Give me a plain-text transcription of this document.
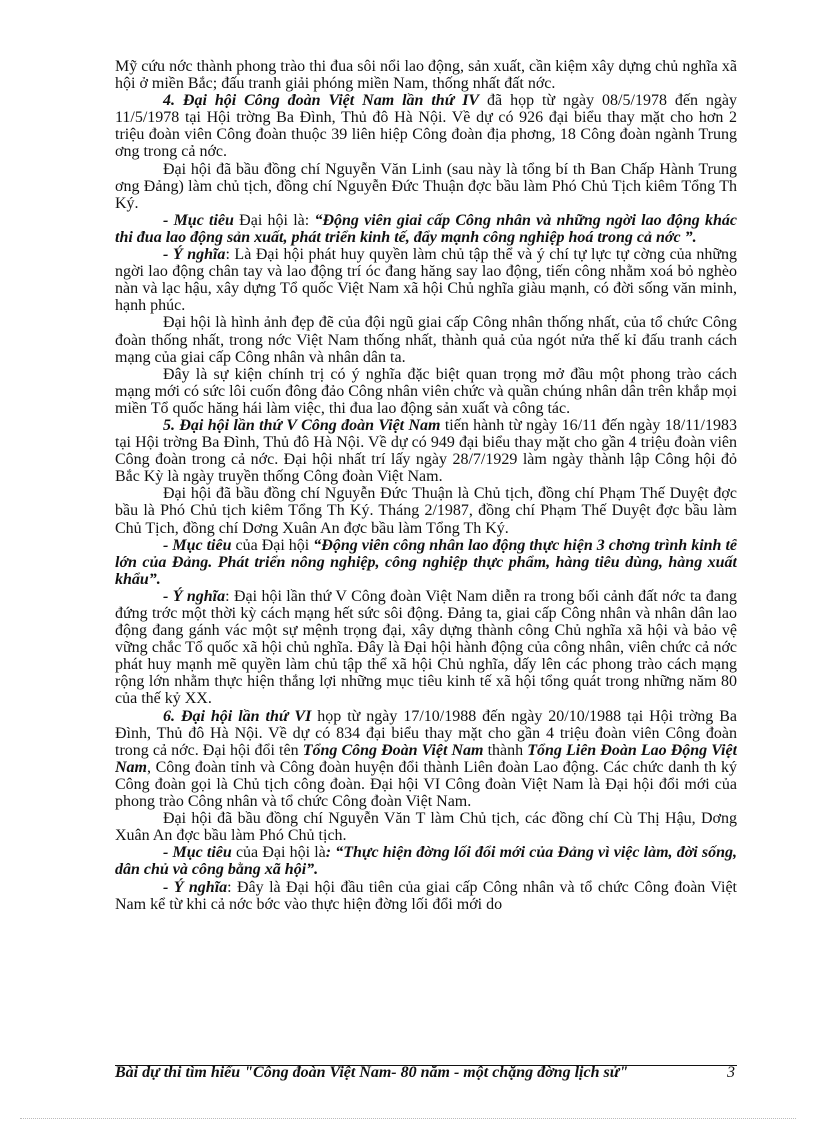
Mỹ cứu nớc thành phong trào thi đua sôi nổi lao động, sản xuất, cần kiệm xây dựng chủ nghĩa xã hội ở miền Bắc; đấu tranh giải phóng miền Nam, thống nhất đất nớc.

4. Đại hội Công đoàn Việt Nam lần thứ IV đã họp từ ngày 08/5/1978 đến ngày 11/5/1978 tại Hội trờng Ba Đình, Thủ đô Hà Nội. Về dự có 926 đại biểu thay mặt cho hơn 2 triệu đoàn viên Công đoàn thuộc 39 liên hiệp Công đoàn địa phơng, 18 Công đoàn ngành Trung ơng trong cả nớc.

Đại hội đã bầu đồng chí Nguyễn Văn Linh (sau này là tổng bí th Ban Chấp Hành Trung ơng Đảng) làm chủ tịch, đồng chí Nguyễn Đức Thuận đợc bầu làm Phó Chủ Tịch kiêm Tổng Th Ký.

- Mục tiêu Đại hội là: “Động viên giai cấp Công nhân và những ngời lao động khác thi đua lao động sản xuất, phát triển kinh tế, đẩy mạnh công nghiệp hoá trong cả nớc ”.

- Ý nghĩa: Là Đại hội phát huy quyền làm chủ tập thể và ý chí tự lực tự cờng của những ngời lao động chân tay và lao động trí óc đang hăng say lao động, tiến công nhằm xoá bỏ nghèo nàn và lạc hậu, xây dựng Tổ quốc Việt Nam xã hội Chủ nghĩa giàu mạnh, có đời sống văn minh, hạnh phúc.

Đại hội là hình ảnh đẹp đẽ của đội ngũ giai cấp Công nhân thống nhất, của tổ chức Công đoàn thống nhất, trong nớc Việt Nam thống nhất, thành quả của ngót nửa thế kỉ đấu tranh cách mạng của giai cấp Công nhân và nhân dân ta.

Đây là sự kiện chính trị có ý nghĩa đặc biệt quan trọng mở đầu một phong trào cách mạng mới có sức lôi cuốn đông đảo Công nhân viên chức và quần chúng nhân dân trên khắp mọi miền Tổ quốc hăng hái làm việc, thi đua lao động sản xuất và công tác.

5. Đại hội lần thứ V Công đoàn Việt Nam tiến hành từ ngày 16/11 đến ngày 18/11/1983 tại Hội trờng Ba Đình, Thủ đô Hà Nội. Về dự có 949 đại biểu thay mặt cho gần 4 triệu đoàn viên Công đoàn trong cả nớc. Đại hội nhất trí lấy ngày 28/7/1929 làm ngày thành lập Công hội đỏ Bắc Kỳ là ngày truyền thống Công đoàn Việt Nam.

Đại hội đã bầu đồng chí Nguyễn Đức Thuận là Chủ tịch, đồng chí Phạm Thế Duyệt đợc bầu là Phó Chủ tịch kiêm Tổng Th Ký. Tháng 2/1987, đồng chí Phạm Thế Duyệt đợc bầu làm Chủ Tịch, đồng chí Dơng Xuân An đợc bầu làm Tổng Th Ký.

- Mục tiêu của Đại hội “Động viên công nhân lao động thực hiện 3 chơng trình kinh tế lớn của Đảng. Phát triển nông nghiệp, công nghiệp thực phẩm, hàng tiêu dùng, hàng xuất khẩu”.

- Ý nghĩa: Đại hội lần thứ V Công đoàn Việt Nam diễn ra trong bối cảnh đất nớc ta đang đứng trớc một thời kỳ cách mạng hết sức sôi động. Đảng ta, giai cấp Công nhân và nhân dân lao động đang gánh vác một sự mệnh trọng đại, xây dựng thành công Chủ nghĩa xã hội và bảo vệ vững chắc Tổ quốc xã hội chủ nghĩa. Đây là Đại hội hành động của công nhân, viên chức cả nớc phát huy mạnh mẽ quyền làm chủ tập thể xã hội Chủ nghĩa, dấy lên các phong trào cách mạng rộng lớn nhằm thực hiện thắng lợi những mục tiêu kinh tế xã hội tổng quát trong những năm 80 của thế kỷ XX.

6. Đại hội lần thứ VI họp từ ngày 17/10/1988 đến ngày 20/10/1988 tại Hội trờng Ba Đình, Thủ đô Hà Nội. Về dự có 834 đại biểu thay mặt cho gần 4 triệu đoàn viên Công đoàn trong cả nớc. Đại hội đổi tên Tổng Công Đoàn Việt Nam thành Tổng Liên Đoàn Lao Động Việt Nam, Công đoàn tỉnh và Công đoàn huyện đổi thành Liên đoàn Lao động. Các chức danh th ký Công đoàn gọi là Chủ tịch công đoàn. Đại hội VI Công đoàn Việt Nam là Đại hội đổi mới của phong trào Công nhân và tổ chức Công đoàn Việt Nam.

Đại hội đã bầu đồng chí Nguyễn Văn T làm Chủ tịch, các đồng chí Cù Thị Hậu, Dơng Xuân An đợc bầu làm Phó Chủ tịch.

- Mục tiêu của Đại hội là: “Thực hiện đờng lối đổi mới của Đảng vì việc làm, đời sống, dân chủ và công bằng xã hội”.

- Ý nghĩa: Đây là Đại hội đầu tiên của giai cấp Công nhân và tổ chức Công đoàn Việt Nam kể từ khi cả nớc bớc vào thực hiện đờng lối đổi mới do

Bài dự thi tìm hiểu "Công đoàn Việt Nam- 80 năm - một chặng đờng lịch sử"	3
